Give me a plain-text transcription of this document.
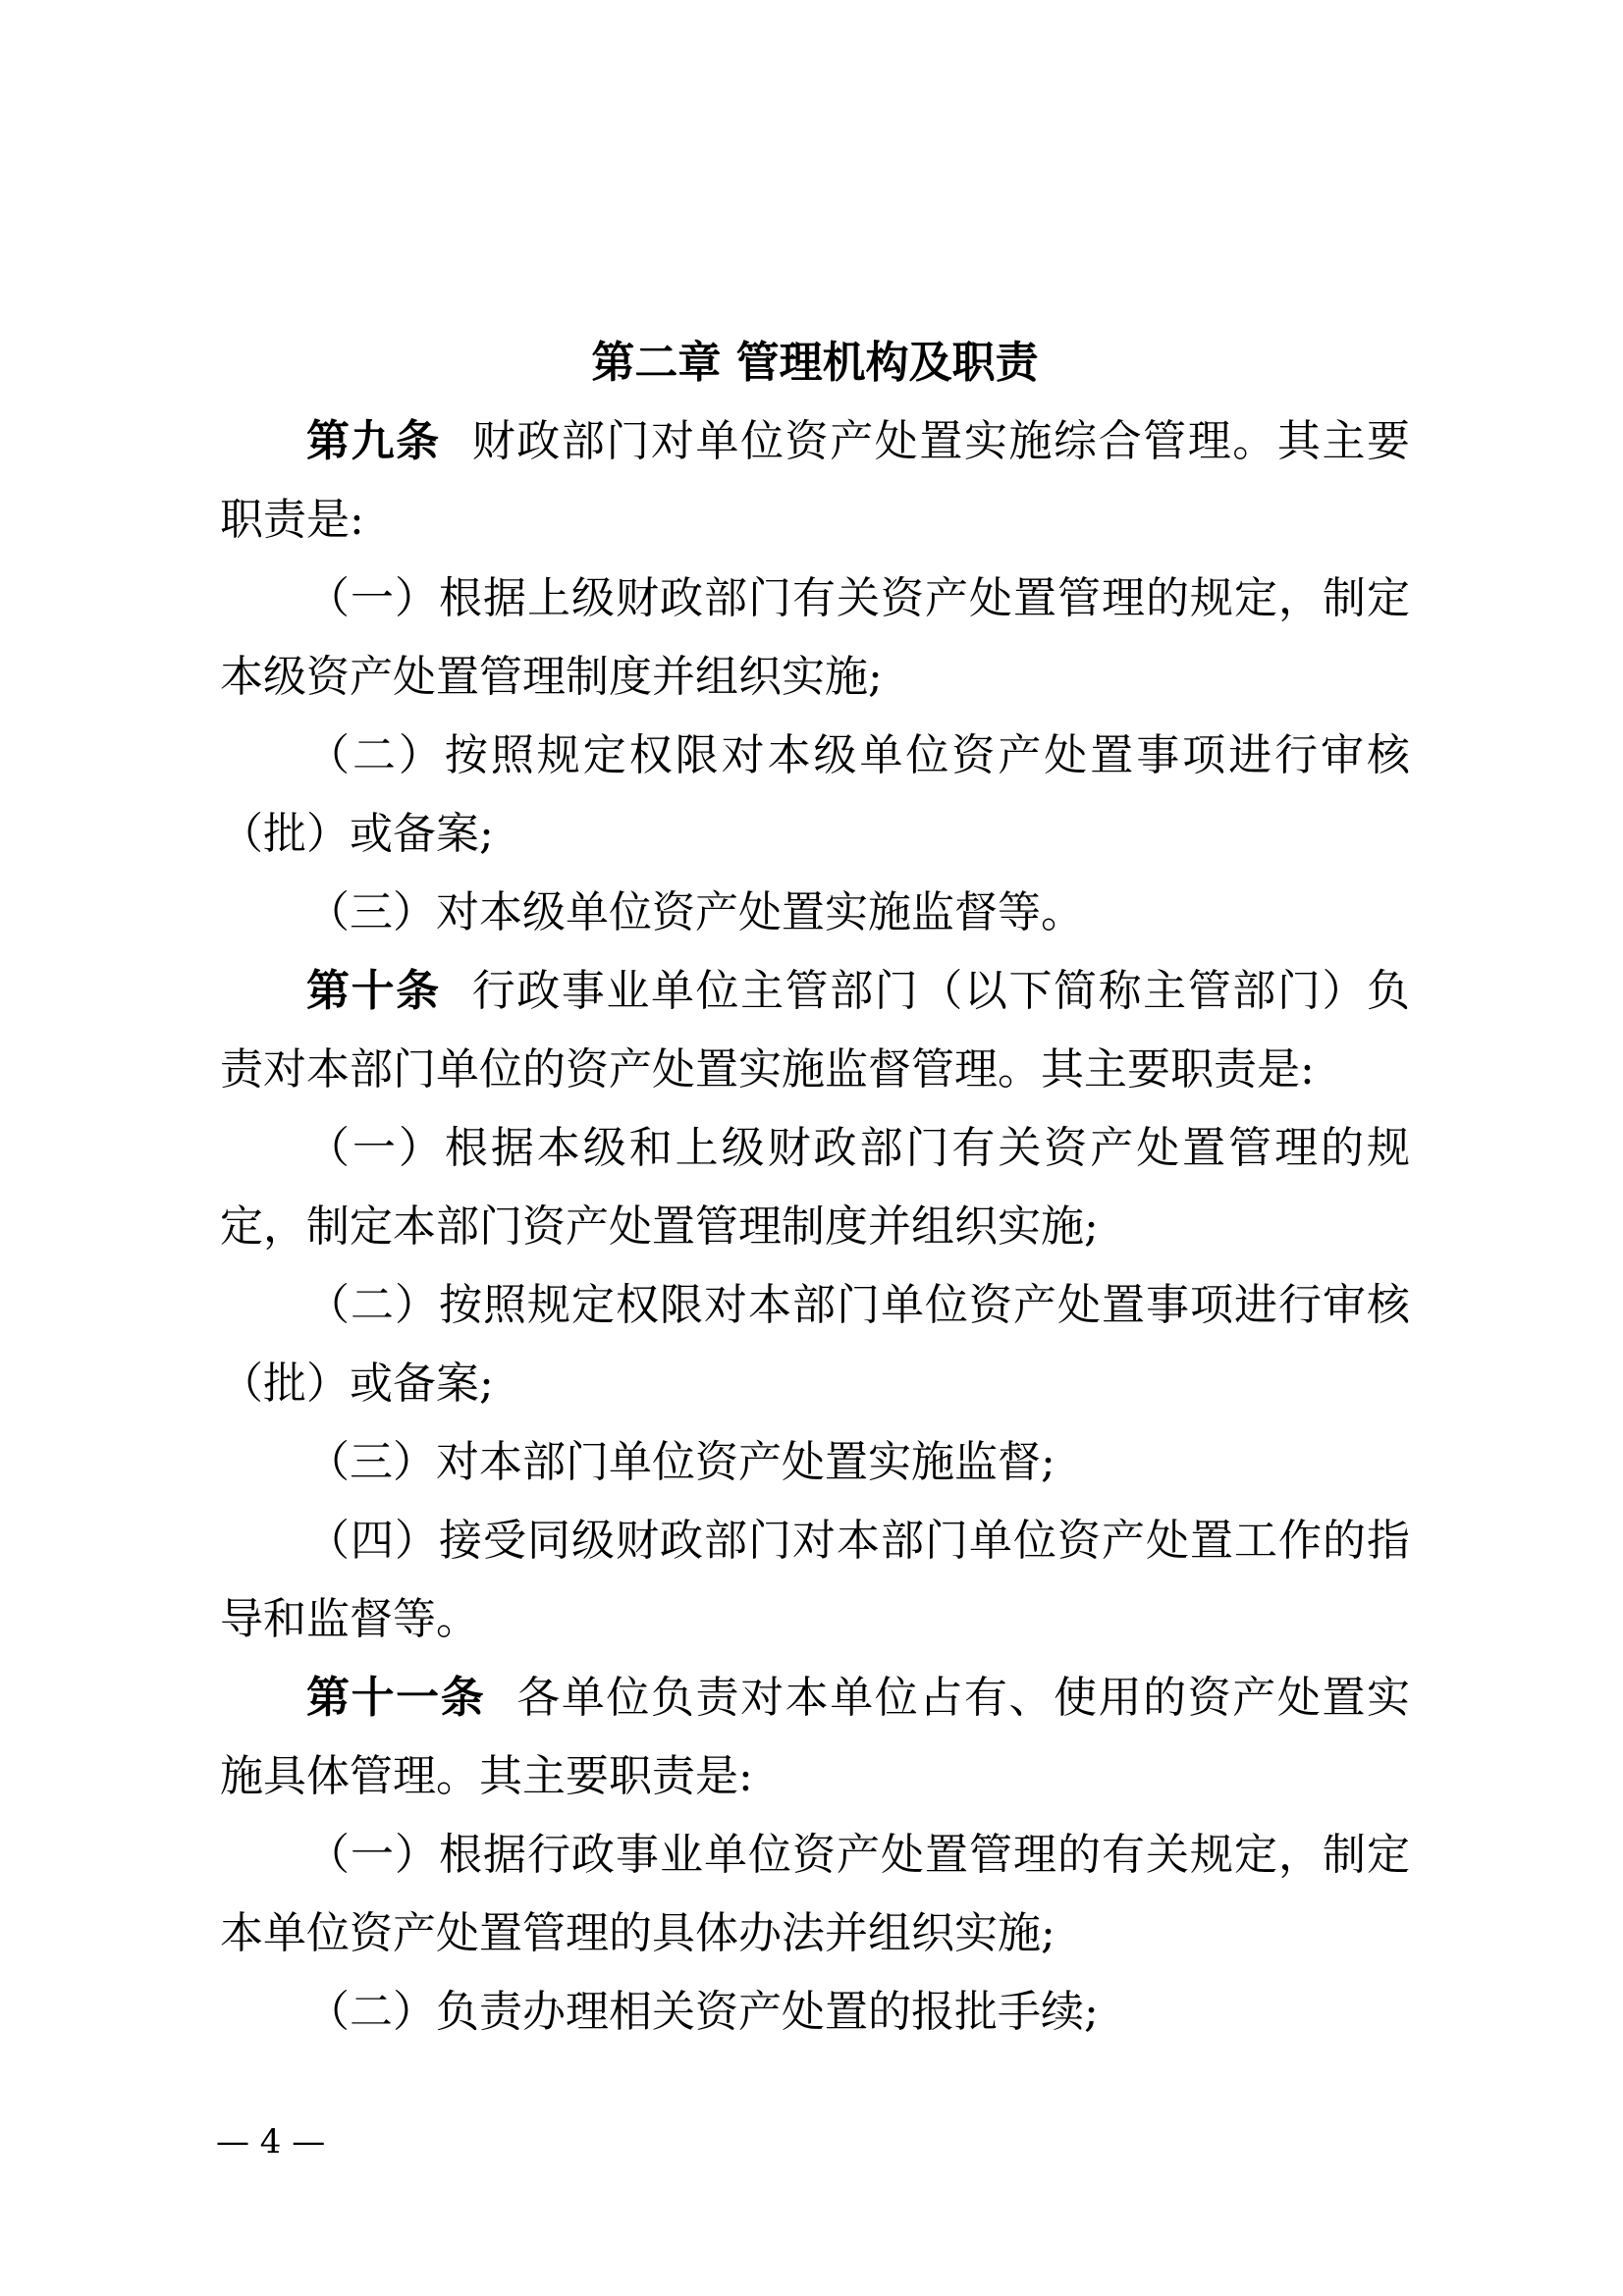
第二章 管理机构及职责

第九条 财政部门对单位资产处置实施综合管理。其主要职责是:

（一）根据上级财政部门有关资产处置管理的规定，制定本级资产处置管理制度并组织实施;

（二）按照规定权限对本级单位资产处置事项进行审核（批）或备案;

（三）对本级单位资产处置实施监督等。

第十条 行政事业单位主管部门（以下简称主管部门）负责对本部门单位的资产处置实施监督管理。其主要职责是:

（一）根据本级和上级财政部门有关资产处置管理的规定，制定本部门资产处置管理制度并组织实施;

（二）按照规定权限对本部门单位资产处置事项进行审核（批）或备案;

（三）对本部门单位资产处置实施监督;

（四）接受同级财政部门对本部门单位资产处置工作的指导和监督等。

第十一条 各单位负责对本单位占有、使用的资产处置实施具体管理。其主要职责是:

（一）根据行政事业单位资产处置管理的有关规定，制定本单位资产处置管理的具体办法并组织实施;

（二）负责办理相关资产处置的报批手续;

— 4 —
